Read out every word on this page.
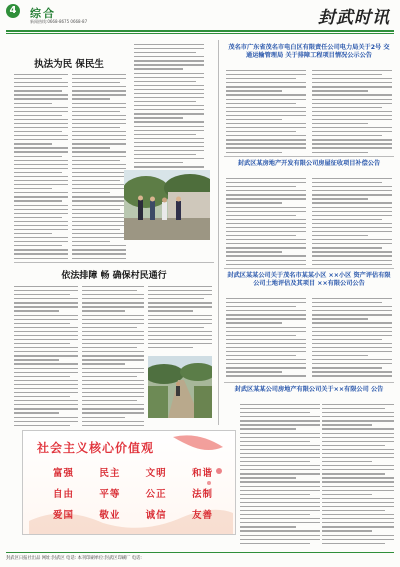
4	综合
新闻热线:0668-8675 0668-87	封武时讯
执法为民 保民生
依法排障 畅 确保村民通行
茂名市广东省茂名市电白区有限责任公司电力局关于2号 交通运输管理局 关于排障工程项目情况公示公告
封武区某房地产开发有限公司房屋征收项目补偿公告
封武区某某公司关于茂名市某某小区 ××小区 资产评估有限公司土地评估及其项目 ××有限公司公告
封武区某某公司房地产有限公司关于××有限公司 公告
社会主义核心价值观
富强	民主	文明	和谐
自由	平等	公正	法制
爱国	敬业	诚信	友善
封武区日报社出品 网址:封武区 电话: 本刊印刷单位:封武区印刷厂 电话:
